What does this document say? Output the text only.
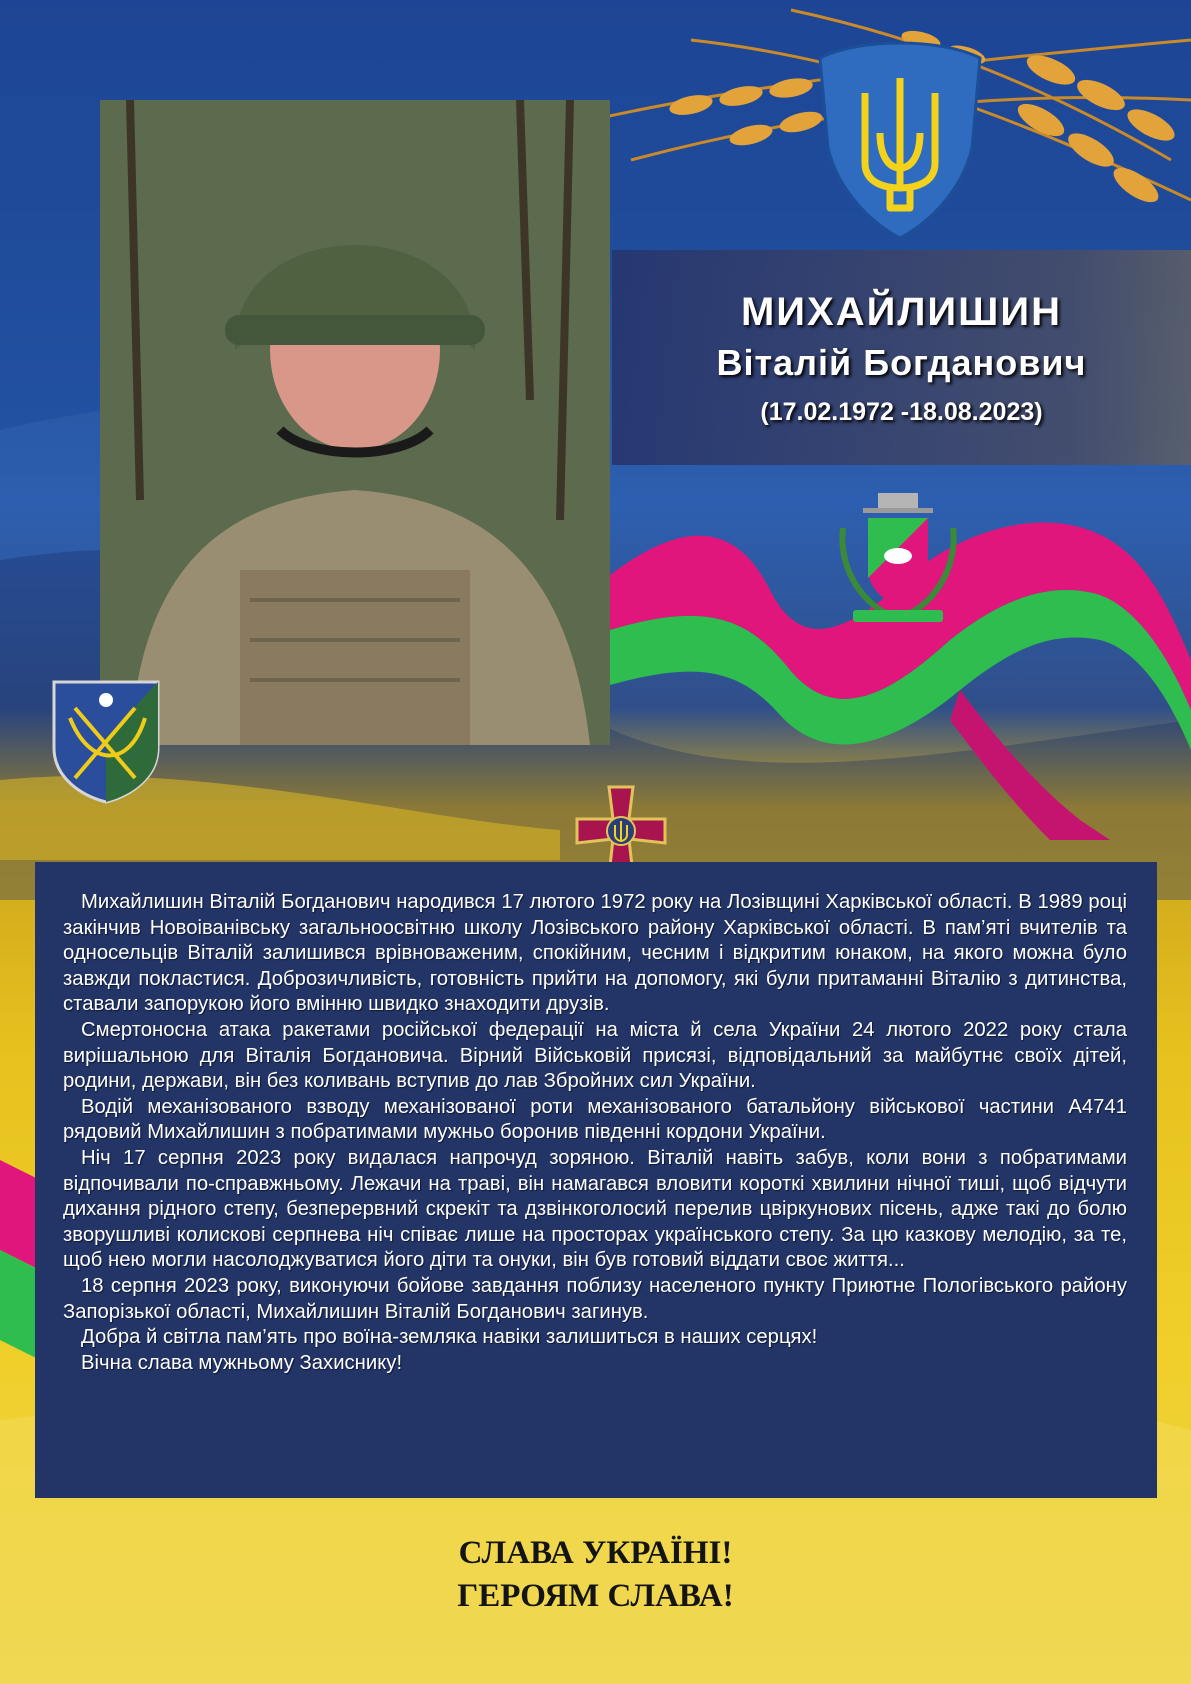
МИХАЙЛИШИН
Віталій Богданович
(17.02.1972 -18.08.2023)

Михайлишин Віталій Богданович народився 17 лютого 1972 року на Лозівщині Харківської області. В 1989 році закінчив Новоіванівську загальноосвітню школу Лозівського району Харківської області. В пам’яті вчителів та односельців Віталій залишився врівноваженим, спокійним, чесним і відкритим юнаком, на якого можна було завжди покластися. Доброзичливість, готовність прийти на допомогу, які були притаманні Віталію з дитинства, ставали запорукою його вмінню швидко знаходити друзів.

Смертоносна атака ракетами російської федерації на міста й села України 24 лютого 2022 року стала вирішальною для Віталія Богдановича. Вірний Військовій присязі, відповідальний за майбутнє своїх дітей, родини, держави, він без коливань вступив до лав Збройних сил України.

Водій механізованого взводу механізованої роти механізованого батальйону військової частини А4741 рядовий Михайлишин з побратимами мужньо боронив південні кордони України.

Ніч 17 серпня 2023 року видалася напрочуд зоряною. Віталій навіть забув, коли вони з побратимами відпочивали по-справжньому. Лежачи на траві, він намагався вловити короткі хвилини нічної тиші, щоб відчути дихання рідного степу, безперервний скрекіт та дзвінкоголосий перелив цвіркунових пісень, адже такі до болю зворушливі колискові серпнева ніч співає лише на просторах українського степу. За цю казкову мелодію, за те, щоб нею могли насолоджуватися його діти та онуки, він був готовий віддати своє життя...

18 серпня 2023 року, виконуючи бойове завдання поблизу населеного пункту Приютне Пологівського району Запорізької області, Михайлишин Віталій Богданович загинув.

Добра й світла пам’ять про воїна-земляка навіки залишиться в наших серцях!

Вічна слава мужньому Захиснику!

СЛАВА УКРАЇНІ!
ГЕРОЯМ СЛАВА!
